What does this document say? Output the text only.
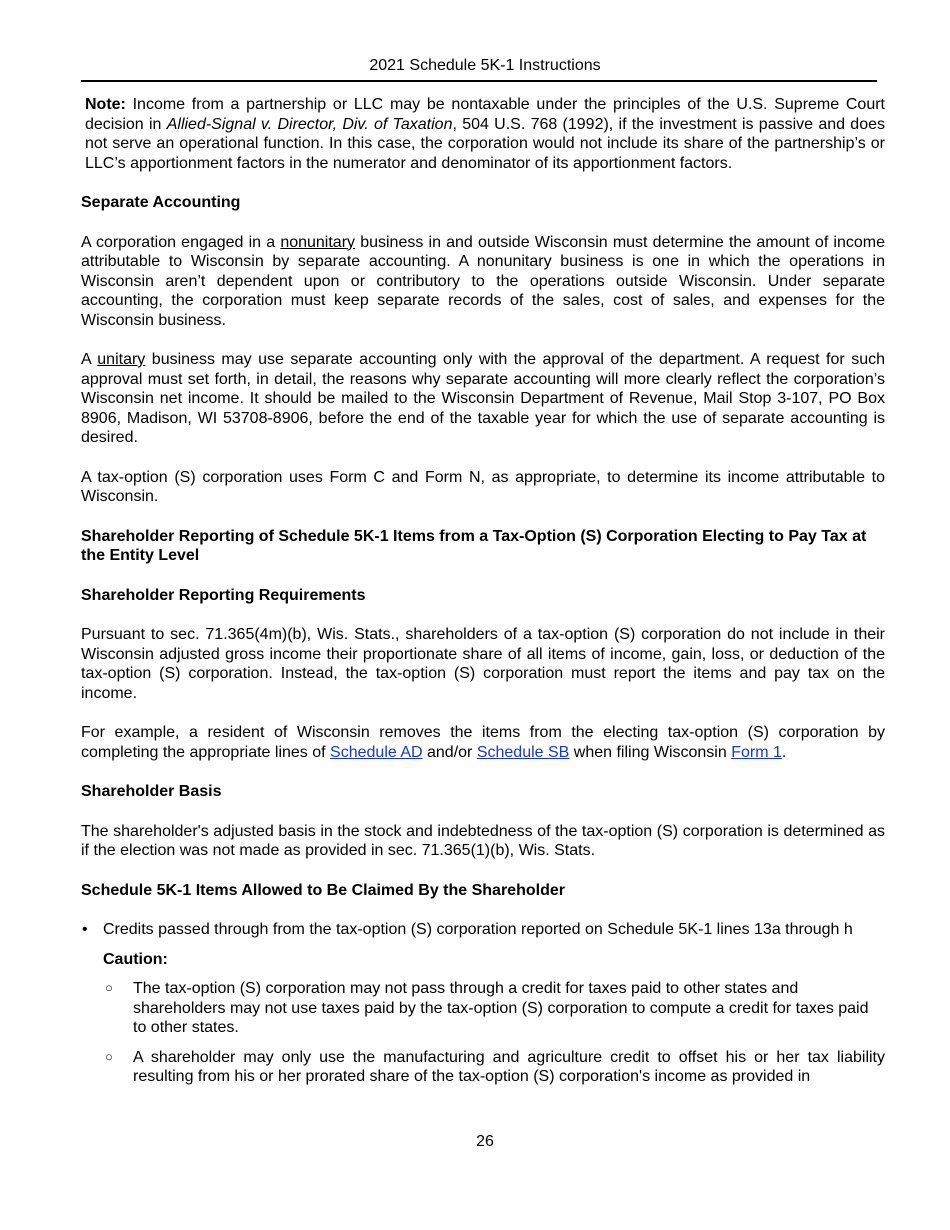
2021 Schedule 5K-1 Instructions

Note: Income from a partnership or LLC may be nontaxable under the principles of the U.S. Supreme Court decision in Allied-Signal v. Director, Div. of Taxation, 504 U.S. 768 (1992), if the investment is passive and does not serve an operational function. In this case, the corporation would not include its share of the partnership’s or LLC’s apportionment factors in the numerator and denominator of its apportionment factors.

Separate Accounting

A corporation engaged in a nonunitary business in and outside Wisconsin must determine the amount of income attributable to Wisconsin by separate accounting. A nonunitary business is one in which the operations in Wisconsin aren’t dependent upon or contributory to the operations outside Wisconsin. Under separate accounting, the corporation must keep separate records of the sales, cost of sales, and expenses for the Wisconsin business.

A unitary business may use separate accounting only with the approval of the department. A request for such approval must set forth, in detail, the reasons why separate accounting will more clearly reflect the corporation’s Wisconsin net income. It should be mailed to the Wisconsin Department of Revenue, Mail Stop 3-107, PO Box 8906, Madison, WI 53708-8906, before the end of the taxable year for which the use of separate accounting is desired.

A tax-option (S) corporation uses Form C and Form N, as appropriate, to determine its income attributable to Wisconsin.

Shareholder Reporting of Schedule 5K-1 Items from a Tax-Option (S) Corporation Electing to Pay Tax at the Entity Level
Shareholder Reporting Requirements

Pursuant to sec. 71.365(4m)(b), Wis. Stats., shareholders of a tax-option (S) corporation do not include in their Wisconsin adjusted gross income their proportionate share of all items of income, gain, loss, or deduction of the tax-option (S) corporation. Instead, the tax-option (S) corporation must report the items and pay tax on the income.

For example, a resident of Wisconsin removes the items from the electing tax-option (S) corporation by completing the appropriate lines of Schedule AD and/or Schedule SB when filing Wisconsin Form 1.

Shareholder Basis

The shareholder's adjusted basis in the stock and indebtedness of the tax-option (S) corporation is determined as if the election was not made as provided in sec. 71.365(1)(b), Wis. Stats.

Schedule 5K-1 Items Allowed to Be Claimed By the Shareholder
• Credits passed through from the tax-option (S) corporation reported on Schedule 5K-1 lines 13a through h

Caution:
○ The tax-option (S) corporation may not pass through a credit for taxes paid to other states and shareholders may not use taxes paid by the tax-option (S) corporation to compute a credit for taxes paid to other states.

○ A shareholder may only use the manufacturing and agriculture credit to offset his or her tax liability resulting from his or her prorated share of the tax-option (S) corporation's income as provided in

26
